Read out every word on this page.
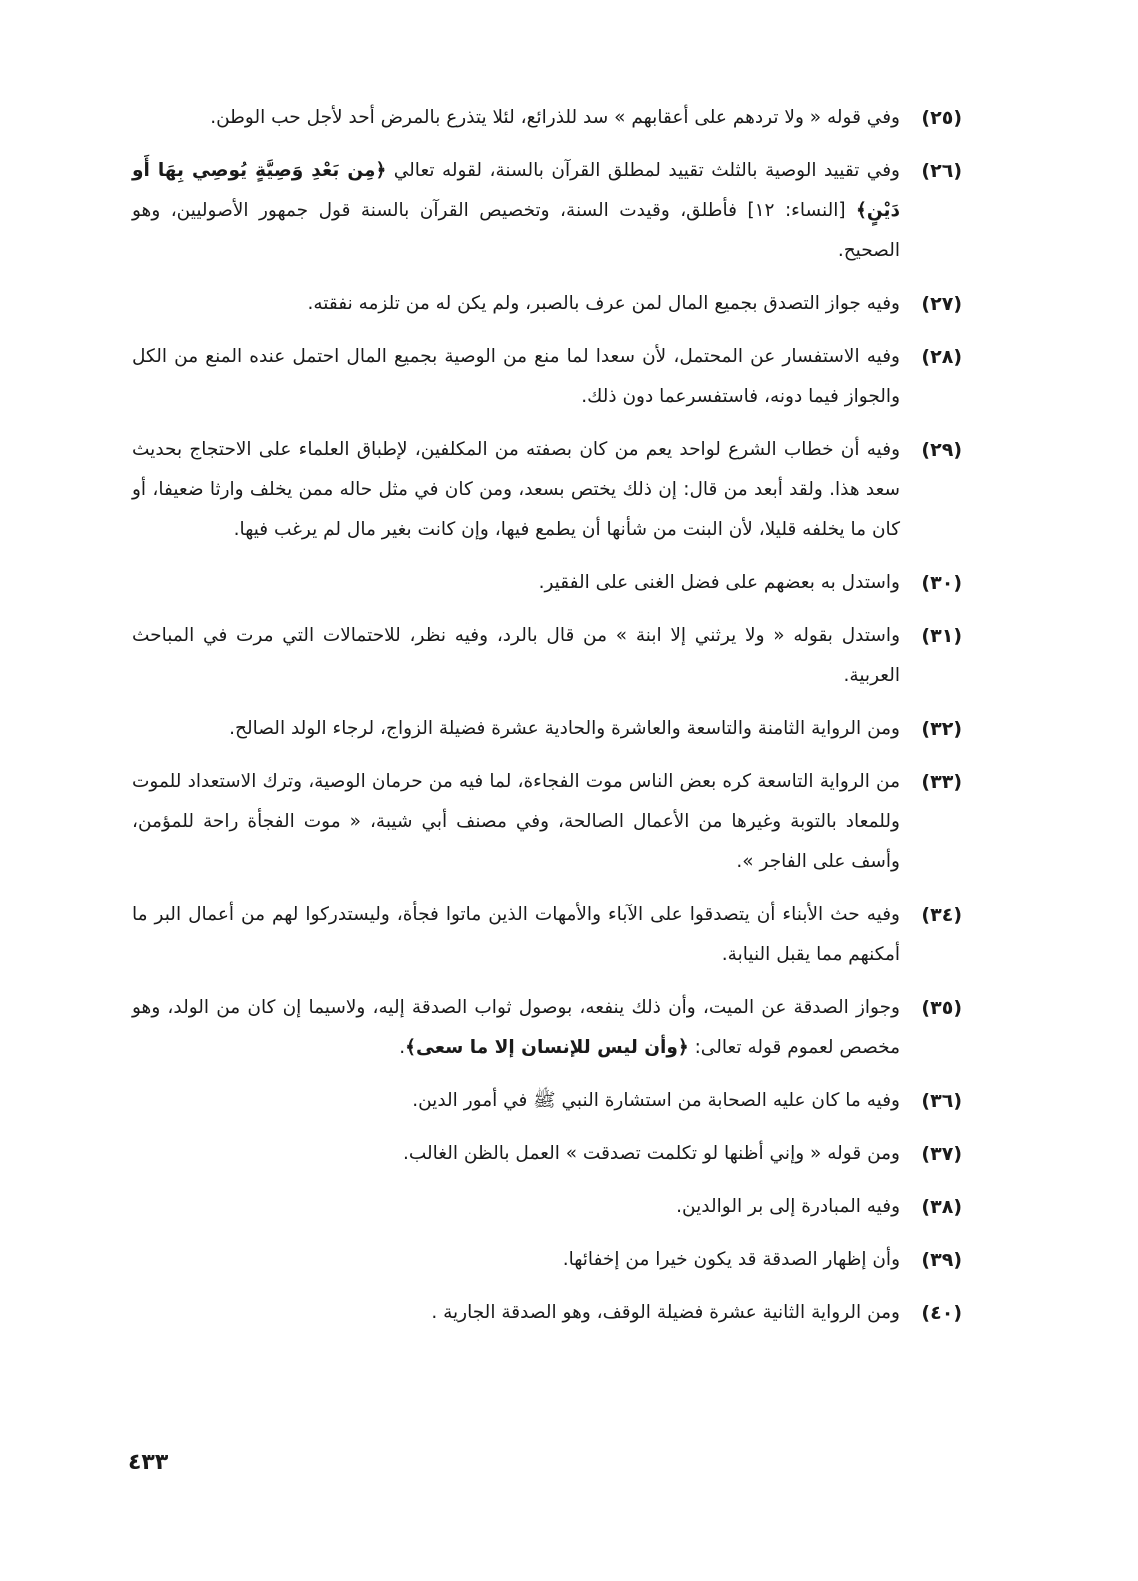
(٢٥)
وفي قوله « ولا تردهم على أعقابهم » سد للذرائع، لئلا يتذرع بالمرض أحد لأجل حب الوطن.
(٢٦)
وفي تقييد الوصية بالثلث تقييد لمطلق القرآن بالسنة، لقوله تعالي ﴿مِن بَعْدِ وَصِيَّةٍ يُوصِي بِهَا أَو دَيْنٍ﴾ [النساء: ١٢] فأطلق، وقيدت السنة، وتخصيص القرآن بالسنة قول جمهور الأصوليين، وهو الصحيح.
(٢٧)
وفيه جواز التصدق بجميع المال لمن عرف بالصبر، ولم يكن له من تلزمه نفقته.
(٢٨)
وفيه الاستفسار عن المحتمل، لأن سعدا لما منع من الوصية بجميع المال احتمل عنده المنع من الكل والجواز فيما دونه، فاستفسرعما دون ذلك.
(٢٩)
وفيه أن خطاب الشرع لواحد يعم من كان بصفته من المكلفين، لإطباق العلماء على الاحتجاج بحديث سعد هذا. ولقد أبعد من قال: إن ذلك يختص بسعد، ومن كان في مثل حاله ممن يخلف وارثا ضعيفا، أو كان ما يخلفه قليلا، لأن البنت من شأنها أن يطمع فيها، وإن كانت بغير مال لم يرغب فيها.
(٣٠)
واستدل به بعضهم على فضل الغنى على الفقير.
(٣١)
واستدل بقوله « ولا يرثني إلا ابنة » من قال بالرد، وفيه نظر، للاحتمالات التي مرت في المباحث العربية.
(٣٢)
ومن الرواية الثامنة والتاسعة والعاشرة والحادية عشرة فضيلة الزواج، لرجاء الولد الصالح.
(٣٣)
من الرواية التاسعة كره بعض الناس موت الفجاءة، لما فيه من حرمان الوصية، وترك الاستعداد للموت وللمعاد بالتوبة وغيرها من الأعمال الصالحة، وفي مصنف أبي شيبة، « موت الفجأة راحة للمؤمن، وأسف على الفاجر ».
(٣٤)
وفيه حث الأبناء أن يتصدقوا على الآباء والأمهات الذين ماتوا فجأة، وليستدركوا لهم من أعمال البر ما أمكنهم مما يقبل النيابة.
(٣٥)
وجواز الصدقة عن الميت، وأن ذلك ينفعه، بوصول ثواب الصدقة إليه، ولاسيما إن كان من الولد، وهو مخصص لعموم قوله تعالى: ﴿وأن ليس للإنسان إلا ما سعى﴾.
(٣٦)
وفيه ما كان عليه الصحابة من استشارة النبي ﷺ في أمور الدين.
(٣٧)
ومن قوله « وإني أظنها لو تكلمت تصدقت » العمل بالظن الغالب.
(٣٨)
وفيه المبادرة إلى بر الوالدين.
(٣٩)
وأن إظهار الصدقة قد يكون خيرا من إخفائها.
(٤٠)
ومن الرواية الثانية عشرة فضيلة الوقف، وهو الصدقة الجارية .
٤٣٣
